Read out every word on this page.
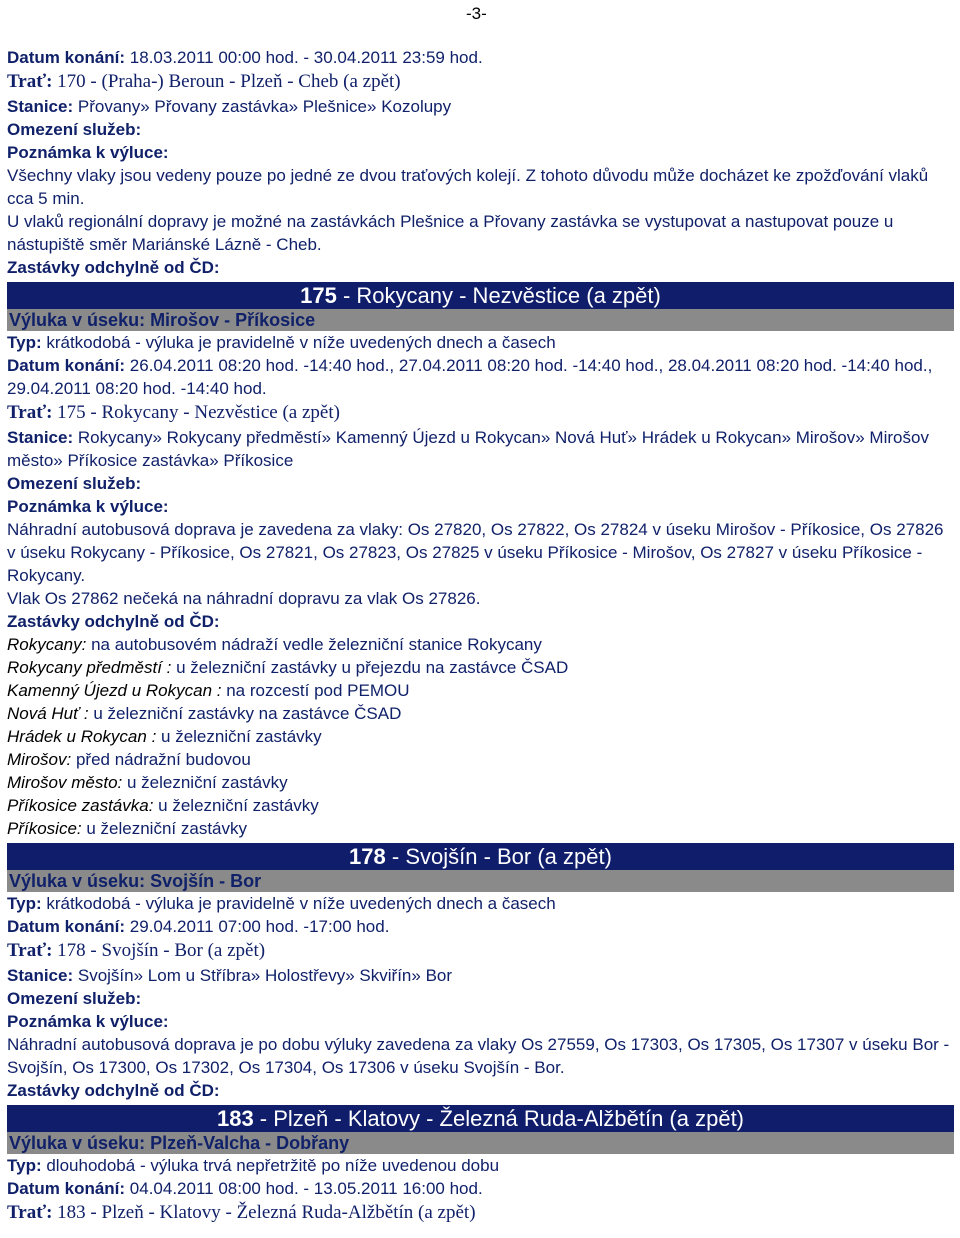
-3-
Datum konání: 18.03.2011 00:00 hod. - 30.04.2011 23:59 hod.
Trať: 170 - (Praha-) Beroun - Plzeň - Cheb (a zpět)
Stanice: Přovany» Přovany zastávka» Plešnice» Kozolupy
Omezení služeb:
Poznámka k výluce:
Všechny vlaky jsou vedeny pouze po jedné ze dvou traťových kolejí. Z tohoto důvodu může docházet ke zpožďování vlaků cca 5 min.
U vlaků regionální dopravy je možné na zastávkách Plešnice a Přovany zastávka se vystupovat a nastupovat pouze u nástupiště směr Mariánské Lázně - Cheb.
Zastávky odchylně od ČD:
175 - Rokycany - Nezvěstice (a zpět)
Výluka v úseku: Mirošov - Příkosice
Typ: krátkodobá - výluka je pravidelně v níže uvedených dnech a časech
Datum konání: 26.04.2011 08:20 hod. -14:40 hod., 27.04.2011 08:20 hod. -14:40 hod., 28.04.2011 08:20 hod. -14:40 hod., 29.04.2011 08:20 hod. -14:40 hod.
Trať: 175 - Rokycany - Nezvěstice (a zpět)
Stanice: Rokycany» Rokycany předměstí» Kamenný Újezd u Rokycan» Nová Huť» Hrádek u Rokycan» Mirošov» Mirošov město» Příkosice zastávka» Příkosice
Omezení služeb:
Poznámka k výluce:
Náhradní autobusová doprava je zavedena za vlaky: Os 27820, Os 27822, Os 27824 v úseku Mirošov - Příkosice, Os 27826 v úseku Rokycany - Příkosice, Os 27821, Os 27823, Os 27825 v úseku Příkosice - Mirošov, Os 27827 v úseku Příkosice - Rokycany.
Vlak Os 27862 nečeká na náhradní dopravu za vlak Os 27826.
Zastávky odchylně od ČD:
Rokycany: na autobusovém nádraží vedle železniční stanice Rokycany
Rokycany předměstí : u železniční zastávky u přejezdu na zastávce ČSAD
Kamenný Újezd u Rokycan : na rozcestí pod PEMOU
Nová Huť : u železniční zastávky na zastávce ČSAD
Hrádek u Rokycan : u železniční zastávky
Mirošov: před nádražní budovou
Mirošov město: u železniční zastávky
Příkosice zastávka: u železniční zastávky
Příkosice: u železniční zastávky
178 - Svojšín - Bor (a zpět)
Výluka v úseku: Svojšín - Bor
Typ: krátkodobá - výluka je pravidelně v níže uvedených dnech a časech
Datum konání: 29.04.2011 07:00 hod. -17:00 hod.
Trať: 178 - Svojšín - Bor (a zpět)
Stanice: Svojšín» Lom u Stříbra» Holostřevy» Skviřín» Bor
Omezení služeb:
Poznámka k výluce:
Náhradní autobusová doprava je po dobu výluky zavedena za vlaky Os 27559, Os 17303, Os 17305, Os 17307 v úseku Bor - Svojšín, Os 17300, Os 17302, Os 17304, Os 17306 v úseku Svojšín - Bor.
Zastávky odchylně od ČD:
183 - Plzeň - Klatovy - Železná Ruda-Alžbětín (a zpět)
Výluka v úseku: Plzeň-Valcha - Dobřany
Typ: dlouhodobá - výluka trvá nepřetržitě po níže uvedenou dobu
Datum konání: 04.04.2011 08:00 hod. - 13.05.2011 16:00 hod.
Trať: 183 - Plzeň - Klatovy - Železná Ruda-Alžbětín (a zpět)
